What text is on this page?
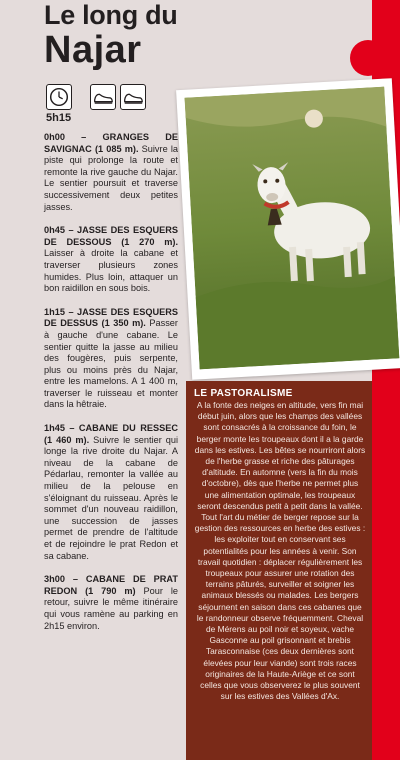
Le long du
Najar
5h15

0h00 – GRANGES DE SAVIGNAC (1 085 m). Suivre la piste qui prolonge la route et remonte la rive gauche du Najar. Le sentier poursuit et traverse successivement deux petites jasses.

0h45 – JASSE DES ESQUERS DE DESSOUS (1 270 m). Laisser à droite la cabane et traverser plusieurs zones humides. Plus loin, attaquer un bon raidillon en sous bois.

1h15 – JASSE DES ESQUERS DE DESSUS (1 350 m). Passer à gauche d'une cabane. Le sentier quitte la jasse au milieu des fougères, puis serpente, plus ou moins près du Najar, entre les mamelons. A 1 400 m, traverser le ruisseau et monter dans la hêtraie.

1h45 – CABANE DU RESSEC (1 460 m). Suivre le sentier qui longe la rive droite du Najar. A niveau de la cabane de Pédarlau, remonter la vallée au milieu de la pelouse en s'éloignant du ruisseau. Après le sommet d'un nouveau raidillon, une succession de jasses permet de prendre de l'altitude et de rejoindre le prat Redon et sa cabane.

3h00 – CABANE DE PRAT REDON (1 790 m) Pour le retour, suivre le même itinéraire qui vous ramène au parking en 2h15 environ.

LE PASTORALISME

A la fonte des neiges en altitude, vers fin mai début juin, alors que les champs des vallées sont consacrés à la croissance du foin, le berger monte les troupeaux dont il a la garde dans les estives. Les bêtes se nourriront alors de l'herbe grasse et riche des pâturages d'altitude. En automne (vers la fin du mois d'octobre), dès que l'herbe ne permet plus une alimentation optimale, les troupeaux seront descendus petit à petit dans la vallée. Tout l'art du métier de berger repose sur la gestion des ressources en herbe des estives : les exploiter tout en conservant ses potentialités pour les années à venir. Son travail quotidien : déplacer régulièrement les troupeaux pour assurer une rotation des terrains pâturés, surveiller et soigner les animaux blessés ou malades. Les bergers séjournent en saison dans ces cabanes que le randonneur observe fréquemment. Cheval de Mérens au poil noir et soyeux, vache Gasconne au poil grisonnant et brebis Tarasconnaise (ces deux dernières sont élevées pour leur viande) sont trois races originaires de la Haute-Ariège et ce sont celles que vous observerez le plus souvent sur les estives des Vallées d'Ax.
